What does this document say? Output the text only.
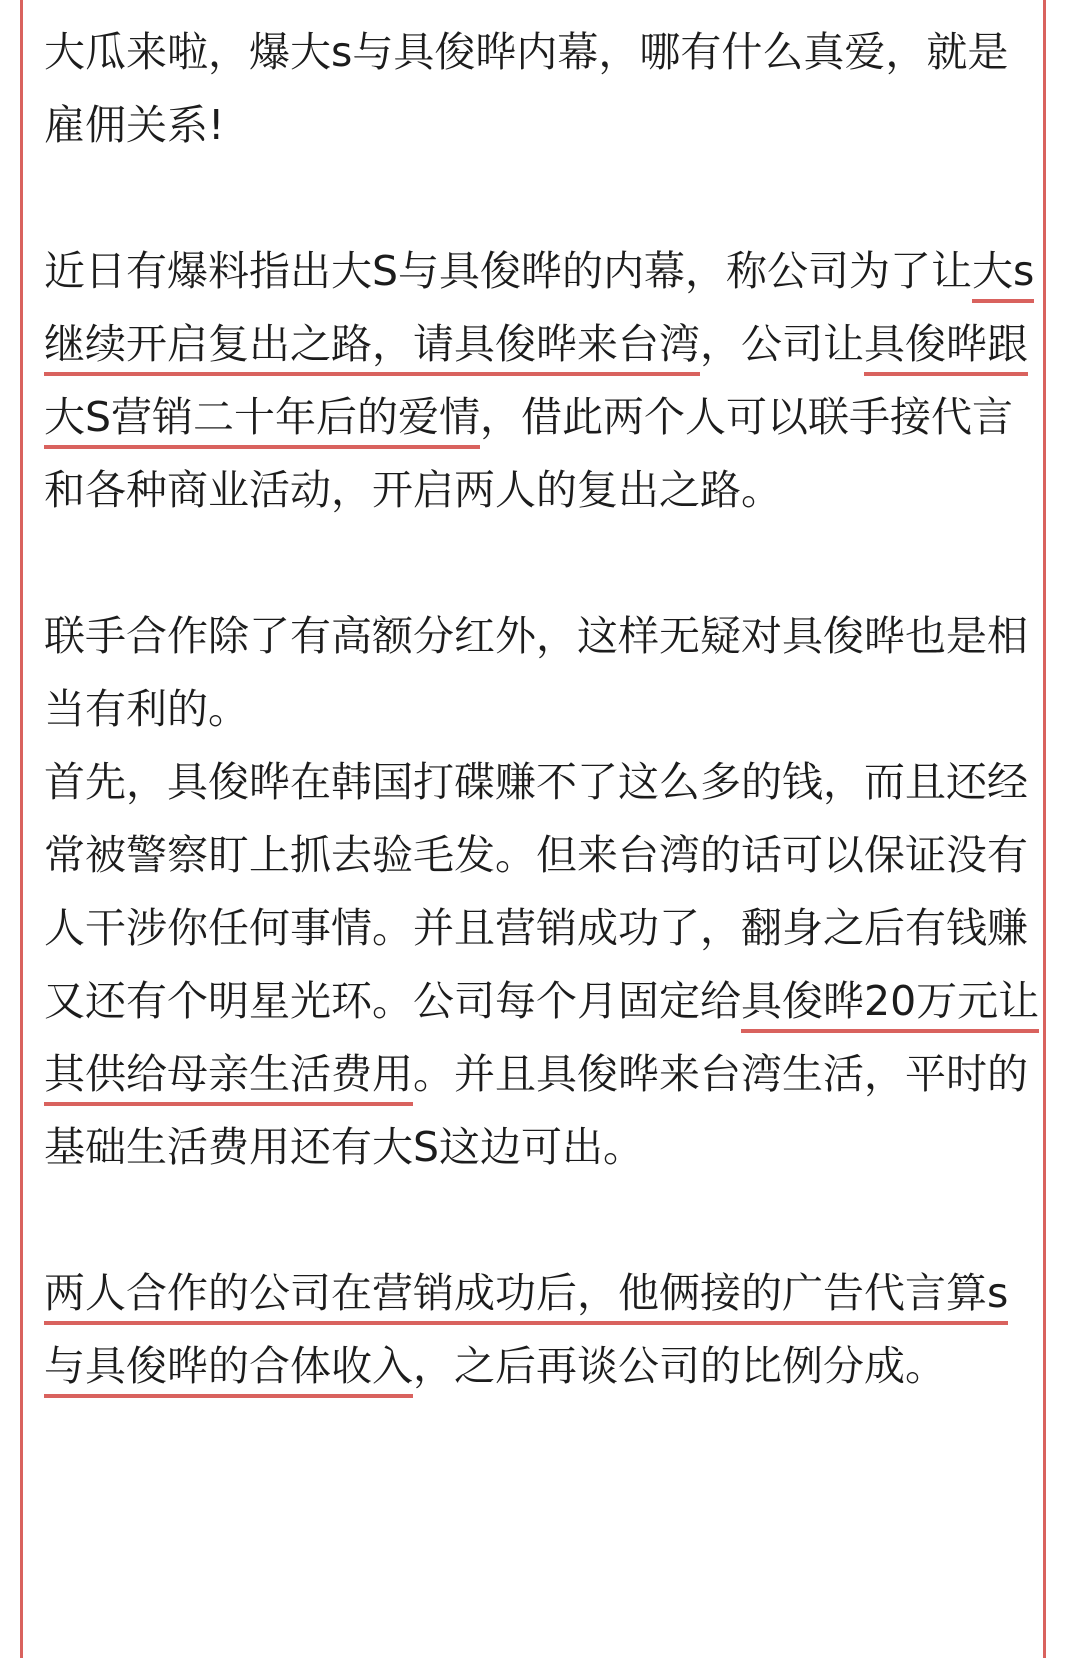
大瓜来啦，爆大s与具俊晔内幕，哪有什么真爱，就是雇佣关系!

近日有爆料指出大S与具俊晔的内幕，称公司为了让大s继续开启复出之路，请具俊晔来台湾，公司让具俊晔跟大S营销二十年后的爱情，借此两个人可以联手接代言和各种商业活动，开启两人的复出之路。

联手合作除了有高额分红外，这样无疑对具俊晔也是相当有利的。

首先，具俊晔在韩国打碟赚不了这么多的钱，而且还经常被警察盯上抓去验毛发。但来台湾的话可以保证没有人干涉你任何事情。并且营销成功了，翻身之后有钱赚又还有个明星光环。公司每个月固定给具俊晔20万元让其供给母亲生活费用。并且具俊晔来台湾生活，平时的基础生活费用还有大S这边可出。

两人合作的公司在营销成功后，他俩接的广告代言算s与具俊晔的合体收入，之后再谈公司的比例分成。
